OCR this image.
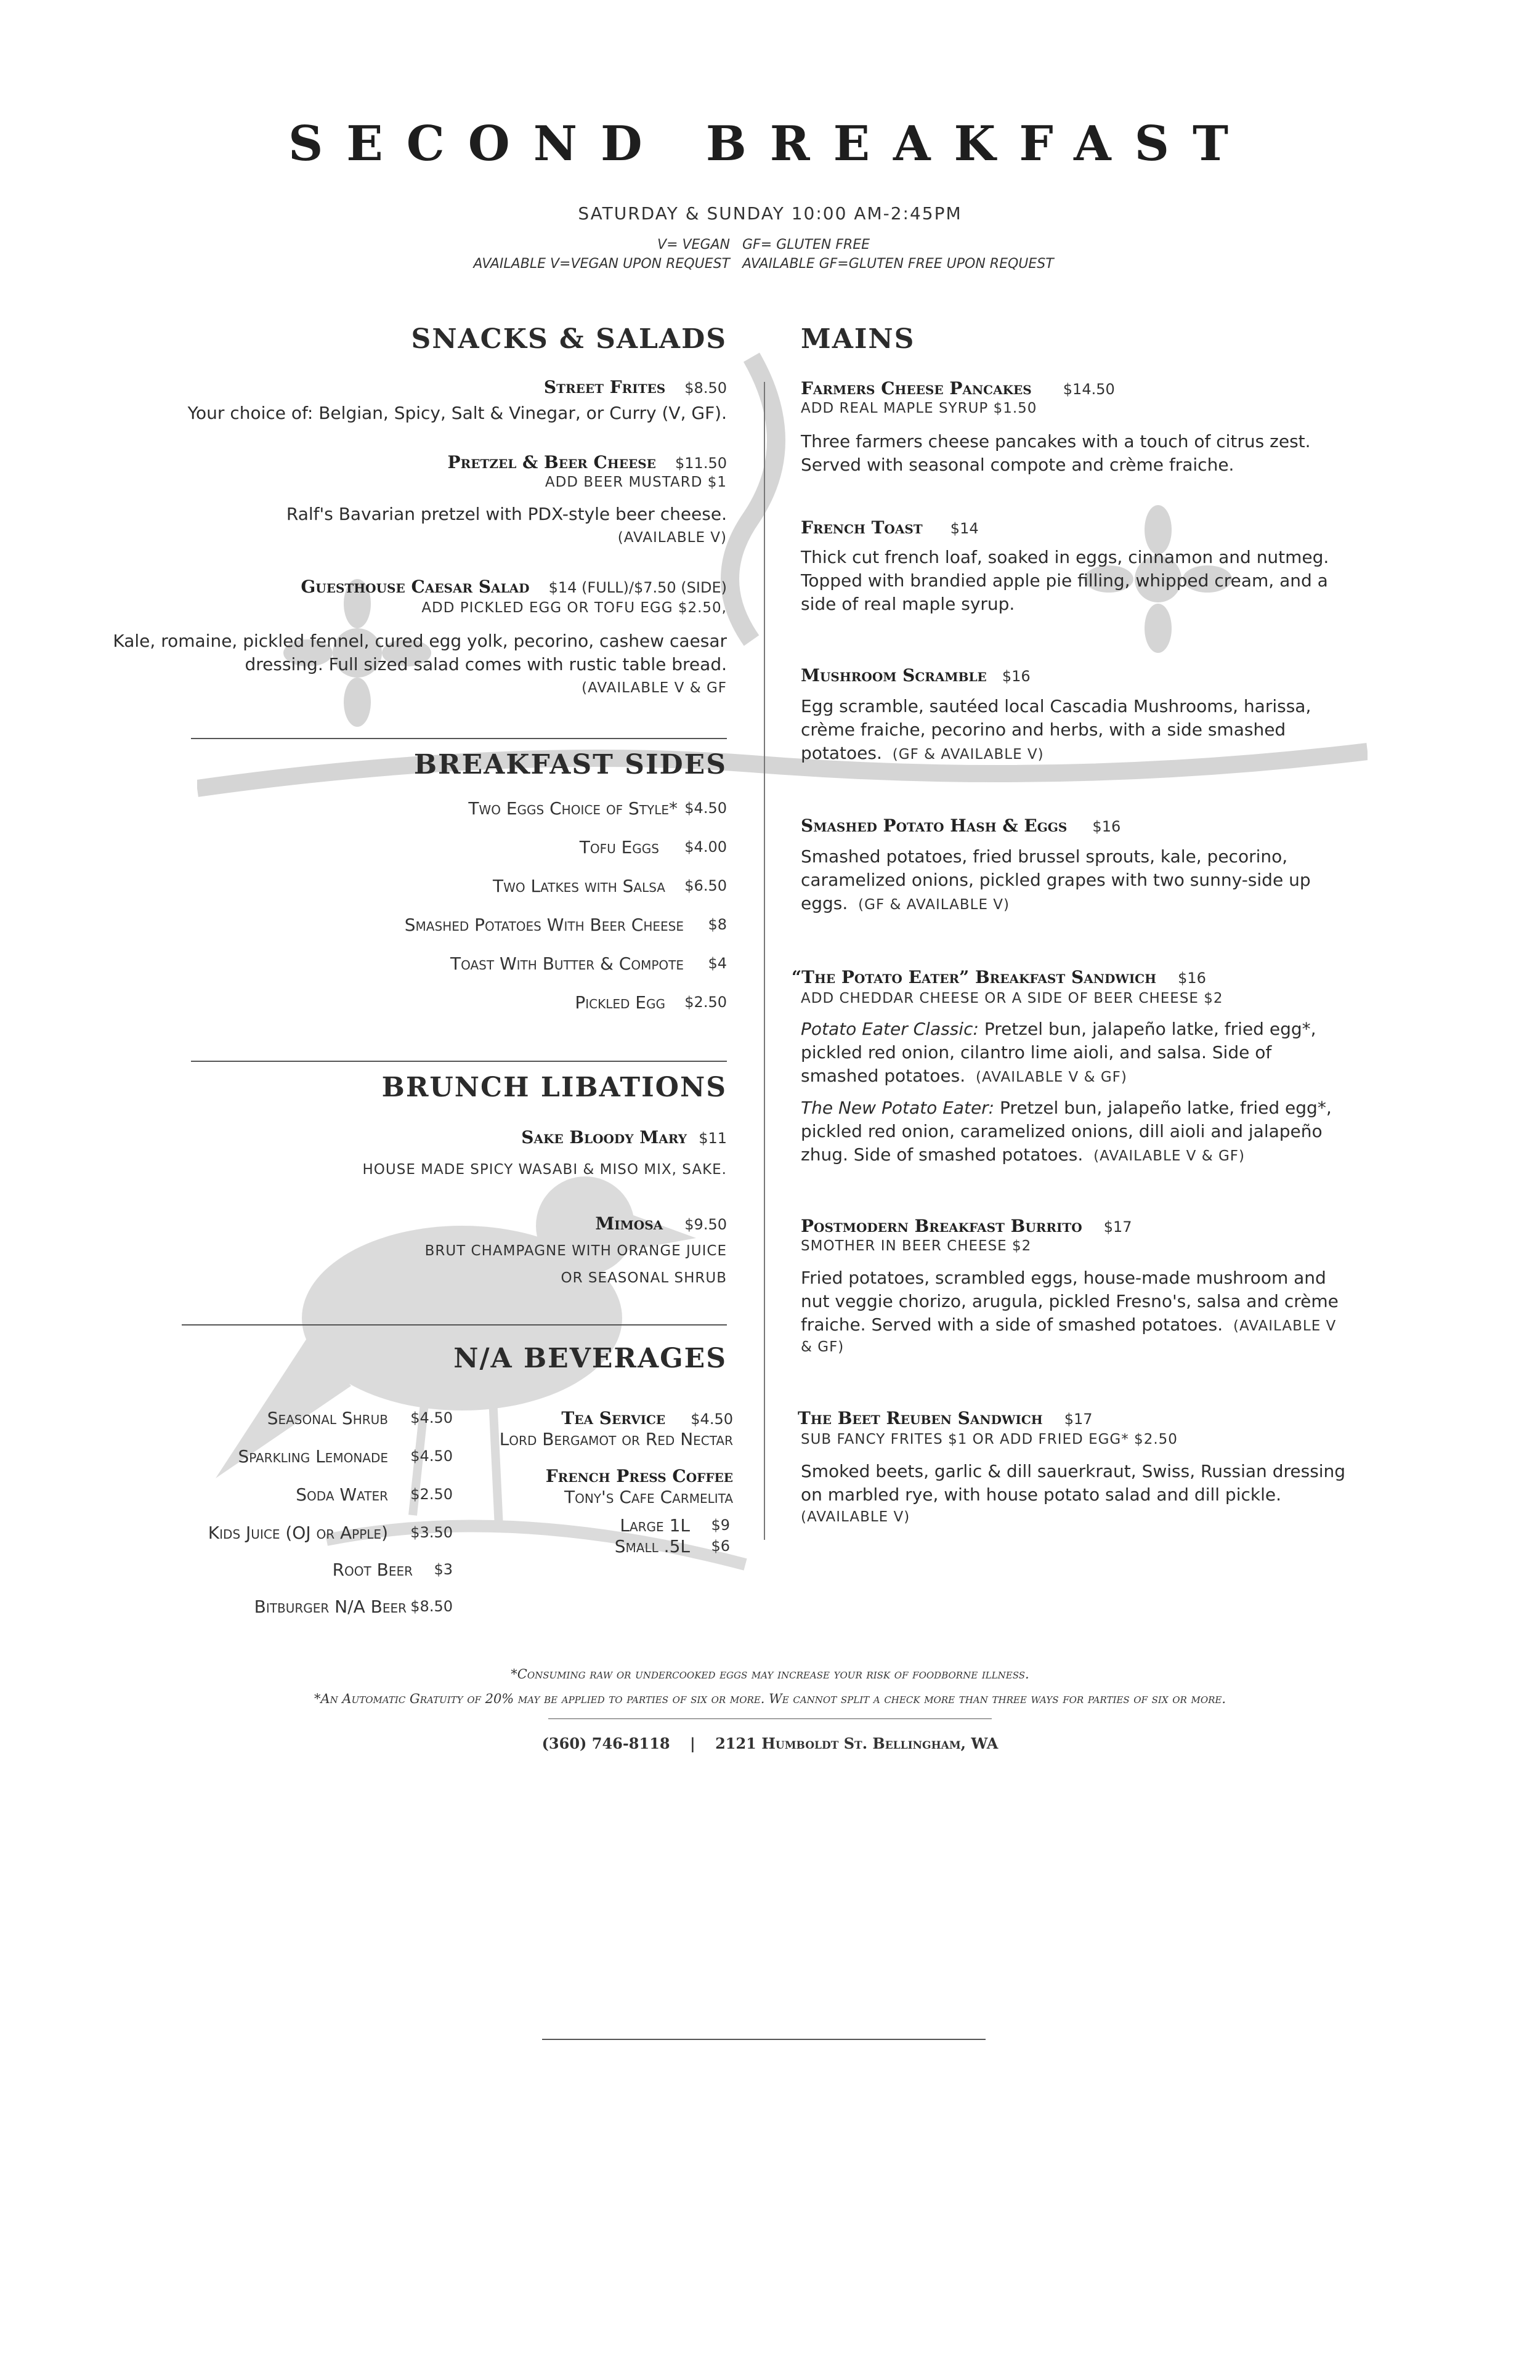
SECOND BREAKFAST
SATURDAY & SUNDAY 10:00 AM-2:45PM
V= VEGAN GF= GLUTEN FREE
AVAILABLE V=VEGAN UPON REQUEST AVAILABLE GF=GLUTEN FREE UPON REQUEST
SNACKS & SALADS
Street Frites $8.50
Your choice of: Belgian, Spicy, Salt & Vinegar, or Curry (V, GF).
Pretzel & Beer Cheese $11.50
ADD BEER MUSTARD $1
Ralf's Bavarian pretzel with PDX-style beer cheese.
(AVAILABLE V)
Guesthouse Caesar Salad $14 (FULL)/$7.50 (SIDE)
ADD PICKLED EGG OR TOFU EGG $2.50,
Kale, romaine, pickled fennel, cured egg yolk, pecorino, cashew caesar
dressing. Full sized salad comes with rustic table bread.
(AVAILABLE V & GF
BREAKFAST SIDES
Two Eggs Choice of Style* $4.50
Tofu Eggs	$4.00
Two Latkes with Salsa	$6.50
Smashed Potatoes With Beer Cheese	$8
Toast With Butter & Compote	$4
Pickled Egg	$2.50
BRUNCH LIBATIONS
Sake Bloody Mary $11
HOUSE MADE SPICY WASABI & MISO MIX, SAKE.
Mimosa $9.50
BRUT CHAMPAGNE WITH ORANGE JUICE
OR SEASONAL SHRUB
N/A BEVERAGES
Seasonal Shrub	$4.50
Sparkling Lemonade	$4.50
Soda Water	$2.50
Kids Juice (OJ or Apple)	$3.50
Root Beer	$3
Bitburger N/A Beer $8.50
Tea Service $4.50
Lord Bergamot or Red Nectar
French Press Coffee
Tony's Cafe Carmelita
Large 1L	$9
Small .5L	$6
MAINS
Farmers Cheese Pancakes $14.50
ADD REAL MAPLE SYRUP $1.50
Three farmers cheese pancakes with a touch of citrus zest.
Served with seasonal compote and crème fraiche.
French Toast $14
Thick cut french loaf, soaked in eggs, cinnamon and nutmeg.
Topped with brandied apple pie filling, whipped cream, and a
side of real maple syrup.
Mushroom Scramble $16
Egg scramble, sautéed local Cascadia Mushrooms, harissa,
crème fraiche, pecorino and herbs, with a side smashed
potatoes. (GF & AVAILABLE V)
Smashed Potato Hash & Eggs $16
Smashed potatoes, fried brussel sprouts, kale, pecorino,
caramelized onions, pickled grapes with two sunny-side up
eggs. (GF & AVAILABLE V)
“The Potato Eater” Breakfast Sandwich $16
ADD CHEDDAR CHEESE OR A SIDE OF BEER CHEESE $2
Potato Eater Classic: Pretzel bun, jalapeño latke, fried egg*,
pickled red onion, cilantro lime aioli, and salsa. Side of
smashed potatoes. (AVAILABLE V & GF)
The New Potato Eater: Pretzel bun, jalapeño latke, fried egg*,
pickled red onion, caramelized onions, dill aioli and jalapeño
zhug. Side of smashed potatoes. (AVAILABLE V & GF)
Postmodern Breakfast Burrito $17
SMOTHER IN BEER CHEESE $2
Fried potatoes, scrambled eggs, house-made mushroom and
nut veggie chorizo, arugula, pickled Fresno's, salsa and crème
fraiche. Served with a side of smashed potatoes. (AVAILABLE V
& GF)
The Beet Reuben Sandwich $17
SUB FANCY FRITES $1 OR ADD FRIED EGG* $2.50
Smoked beets, garlic & dill sauerkraut, Swiss, Russian dressing
on marbled rye, with house potato salad and dill pickle.
(AVAILABLE V)
*Consuming raw or undercooked eggs may increase your risk of foodborne illness.
*An Automatic Gratuity of 20% may be applied to parties of six or more. We cannot split a check more than three ways for parties of six or more.
(360) 746-8118 | 2121 Humboldt St. Bellingham, WA
